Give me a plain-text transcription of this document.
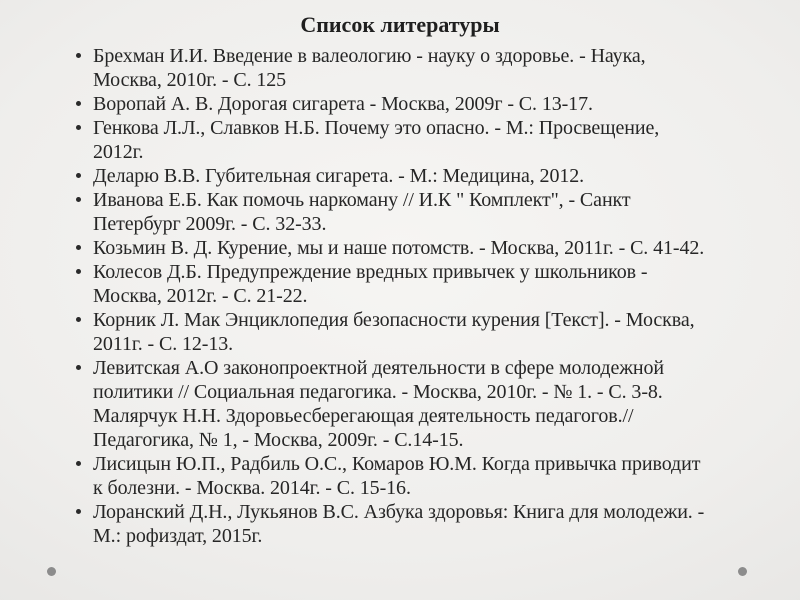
Список литературы
Брехман И.И. Введение в валеологию - науку о здоровье. - Наука, Москва, 2010г. - С. 125
Воропай А. В. Дорогая сигарета - Москва, 2009г - С. 13-17.
Генкова Л.Л., Славков Н.Б. Почему это опасно. - М.: Просвещение, 2012г.
Деларю В.В. Губительная сигарета. - М.: Медицина, 2012.
Иванова Е.Б. Как помочь наркоману // И.К " Комплект", - Санкт Петербург 2009г. - С. 32-33.
Козьмин В. Д. Курение, мы и наше потомств. - Москва, 2011г. - С. 41-42.
Колесов Д.Б. Предупреждение вредных привычек у школьников - Москва, 2012г. - С. 21-22.
Корник Л. Мак Энциклопедия безопасности курения [Текст]. - Москва, 2011г. - С. 12-13.
Левитская А.О законопроектной деятельности в сфере молодежной политики // Социальная педагогика. - Москва, 2010г. - № 1. - С. 3-8. Малярчук Н.Н. Здоровьесберегающая деятельность педагогов.// Педагогика, № 1, - Москва, 2009г. - С.14-15.
Лисицын Ю.П., Радбиль О.С., Комаров Ю.М. Когда привычка приводит к болезни. - Москва. 2014г. - С. 15-16.
Лоранский Д.Н., Лукьянов В.С. Азбука здоровья: Книга для молодежи. - М.: рофиздат, 2015г.
